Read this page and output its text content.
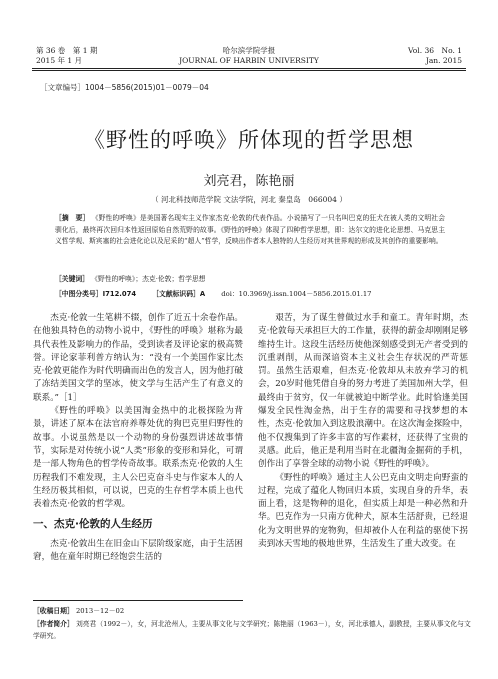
第 36 卷　第 1 期
2015 年 1 月
哈尔滨学院学报
JOURNAL OF HARBIN UNIVERSITY
Vol. 36　No. 1
Jan. 2015
［文章编号］1004－5856(2015)01－0079－04
《野性的呼唤》所体现的哲学思想
刘亮君，陈艳丽
（ 河北科技师范学院 文法学院，河北 秦皇岛　066004 ）
［摘　要］ 《野性的呼唤》是美国著名现实主义作家杰克·伦敦的代表作品。小说描写了一只名叫巴克的狂犬在被人类的文明社会驯化后，最终再次回归本性返回原始自然荒野的故事。《野性的呼唤》体现了四种哲学思想，即：达尔文的进化论思想、马克思主义哲学观、斯宾塞的社会进化论以及尼采的“超人”哲学，反映出作者本人独特的人生经历对其世界观的形成及其创作的重要影响。
［关键词］ 《野性的呼唤》；杰克·伦敦；哲学思想
［中图分类号］I712.074 ［文献标识码］A doi：10.3969/j.issn.1004－5856.2015.01.17

杰克·伦敦一生笔耕不辍，创作了近五十余卷作品。在他独具特色的动物小说中，《野性的呼唤》堪称为最具代表性及影响力的作品，受到读者及评论家的极高赞誉。评论家菲利普方纳认为：“没有一个美国作家比杰克·伦敦更能作为时代明确而出色的发言人，因为他打破了冻结美国文学的坚冰，使文学与生活产生了有意义的联系。”［1］

《野性的呼唤》以美国淘金热中的北极探险为背景，讲述了原本在法官府养尊处优的狗巴克里归野性的故事。小说虽然是以一个动物的身份强烈讲述故事情节，实际是对传统小说“人类”形象的变形和异化，可谓是一部人物角色的哲学传奇故事。联系杰克·伦敦的人生历程我们不难发现，主人公巴克奋斗史与作家本人的人生经历极其相似，可以说，巴克的生存哲学本质上也代表着杰克·伦敦的哲学观。

一、杰克·伦敦的人生经历

杰克·伦敦出生在旧金山下层阶级家庭，由于生活困窘，他在童年时期已经饱尝生活的

艰苦，为了谋生曾做过水手和童工。青年时期，杰克·伦敦每天承担巨大的工作量，获得的薪金却刚刚足够维持生计。这段生活经历使他深刻感受到无产者受到的沉重剥削，从而深谙资本主义社会生存状况的严苛惩罚。虽然生活艰难，但杰克·伦敦却从未放弃学习的机会，20岁时他凭借自身的努力考进了美国加州大学，但最终由于贫穷，仅一年就被迫中断学业。此时恰逢美国爆发全民性淘金热，出于生存的需要和寻找梦想的本性，杰克·伦敦加入到这股浪潮中。在这次淘金探险中，他不仅搜集到了许多丰富的写作素材，还获得了宝贵的灵感。此后，他正是利用当时在北疆淘金掘荷的手机，创作出了享誉全球的动物小说《野性的呼唤》。

《野性的呼唤》通过主人公巴克由文明走向野蛮的过程，完成了蕴化人物回归本质，实现自身的升华，表面上看，这是物种的退化，但实质上却是一种必然和升华。巴克作为一只南方优种犬，原本生活舒贵，已经退化为文明世界的宠物狗，但却被仆人在利益的驱使下拐卖到冰天雪地的极地世界，生活发生了重大改变。在

［收稿日期］ 2013－12－02
［作者简介］ 刘亮君（1992－），女，河北沧州人，主要从事文化与文学研究；陈艳丽（1963－），女，河北承德人，副教授，主要从事文化与文学研究。
